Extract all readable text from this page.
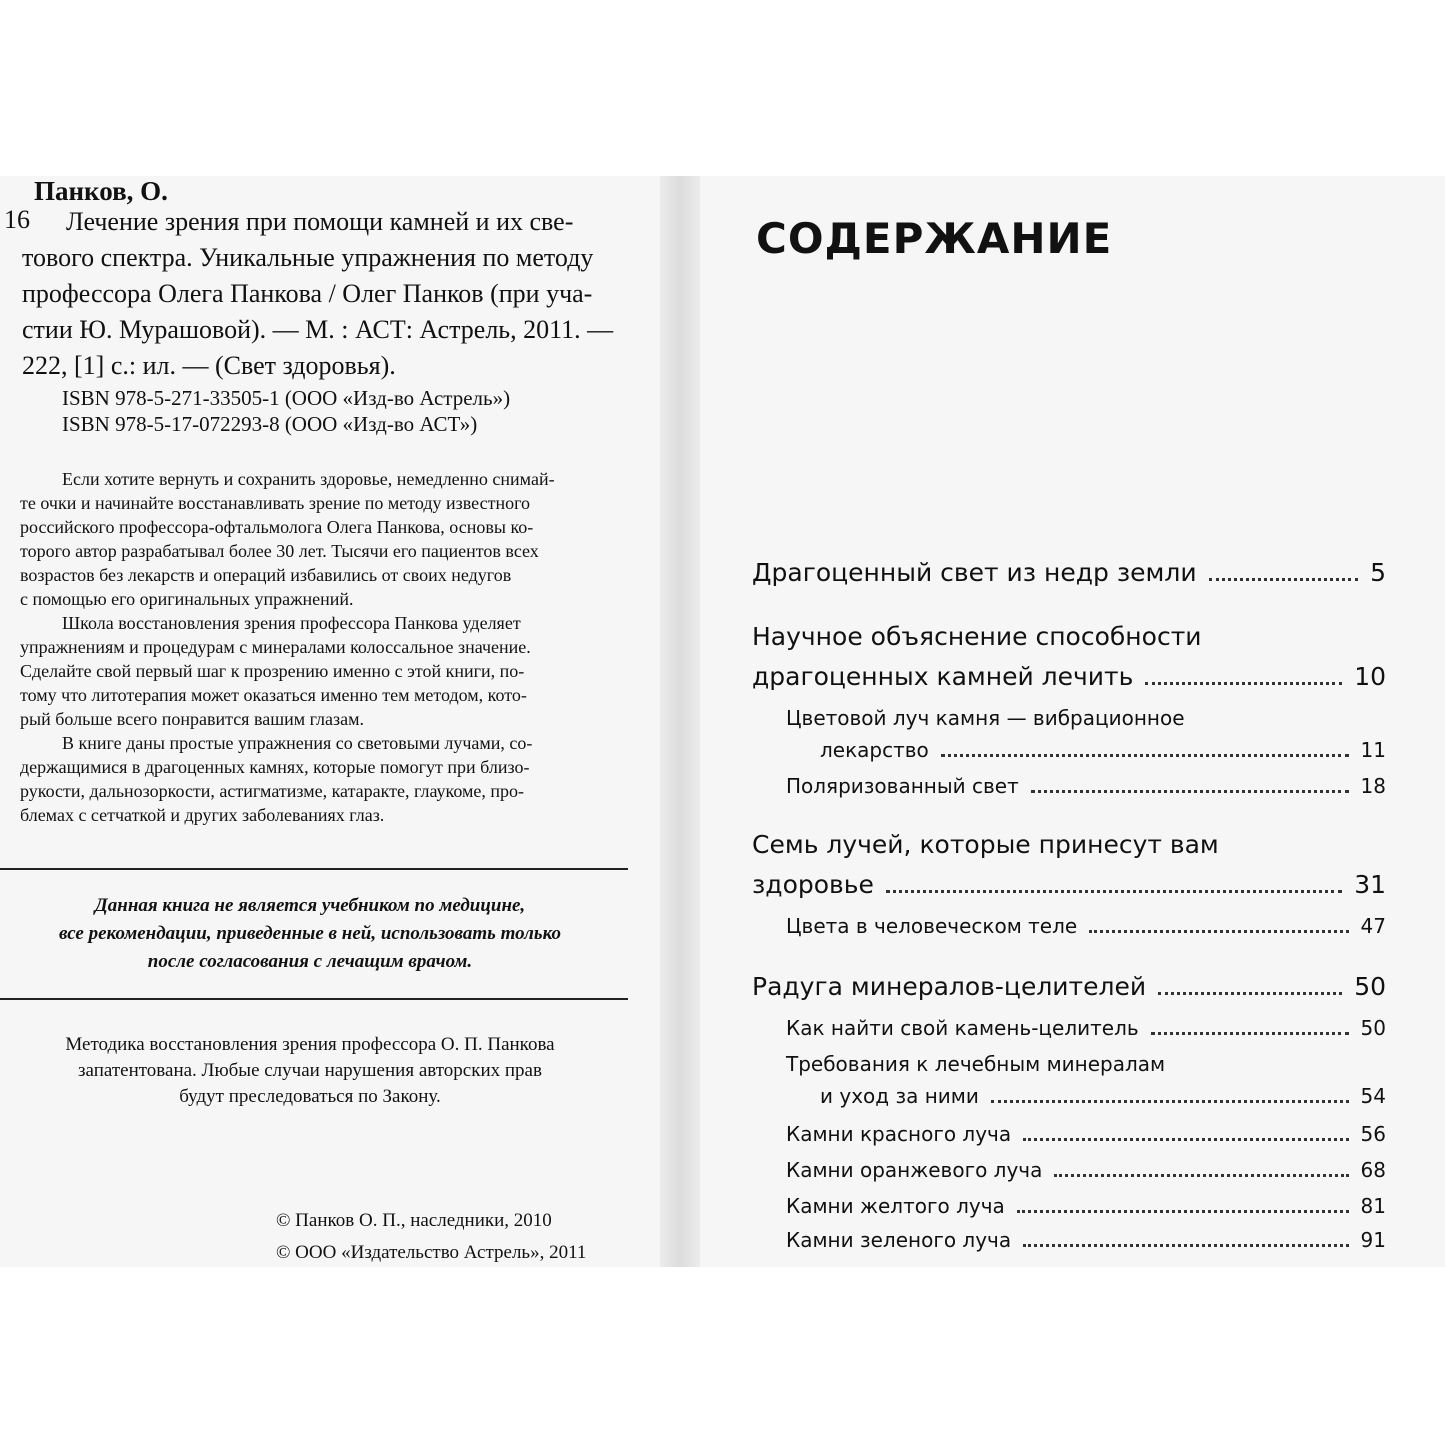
Панков, О.
16 Лечение зрения при помощи камней и их све-
тового спектра. Уникальные упражнения по методу
профессора Олега Панкова / Олег Панков (при уча-
стии Ю. Мурашовой). — М. : АСТ: Астрель, 2011. —
222, [1] с.: ил. — (Свет здоровья).
ISBN 978-5-271-33505-1 (ООО «Изд-во Астрель»)
ISBN 978-5-17-072293-8 (ООО «Изд-во АСТ»)
Если хотите вернуть и сохранить здоровье, немедленно снимай-
те очки и начинайте восстанавливать зрение по методу известного
российского профессора-офтальмолога Олега Панкова, основы ко-
торого автор разрабатывал более 30 лет. Тысячи его пациентов всех
возрастов без лекарств и операций избавились от своих недугов
с помощью его оригинальных упражнений.
Школа восстановления зрения профессора Панкова уделяет
упражнениям и процедурам с минералами колоссальное значение.
Сделайте свой первый шаг к прозрению именно с этой книги, по-
тому что литотерапия может оказаться именно тем методом, кото-
рый больше всего понравится вашим глазам.
В книге даны простые упражнения со световыми лучами, со-
держащимися в драгоценных камнях, которые помогут при близо-
рукости, дальнозоркости, астигматизме, катаракте, глаукоме, про-
блемах с сетчаткой и других заболеваниях глаз.
Данная книга не является учебником по медицине,
все рекомендации, приведенные в ней, использовать только
после согласования с лечащим врачом.
Методика восстановления зрения профессора О. П. Панкова
запатентована. Любые случаи нарушения авторских прав
будут преследоваться по Закону.
© Панков О. П., наследники, 2010
© ООО «Издательство Астрель», 2011
СОДЕРЖАНИЕ
Драгоценный свет из недр земли	5
Научное объяснение способности
драгоценных камней лечить	10
Цветовой луч камня — вибрационное
лекарство	11
Поляризованный свет	18
Семь лучей, которые принесут вам
здоровье	31
Цвета в человеческом теле	47
Радуга минералов-целителей	50
Как найти свой камень-целитель	50
Требования к лечебным минералам
и уход за ними	54
Камни красного луча	56
Камни оранжевого луча	68
Камни желтого луча	81
Камни зеленого луча	91
